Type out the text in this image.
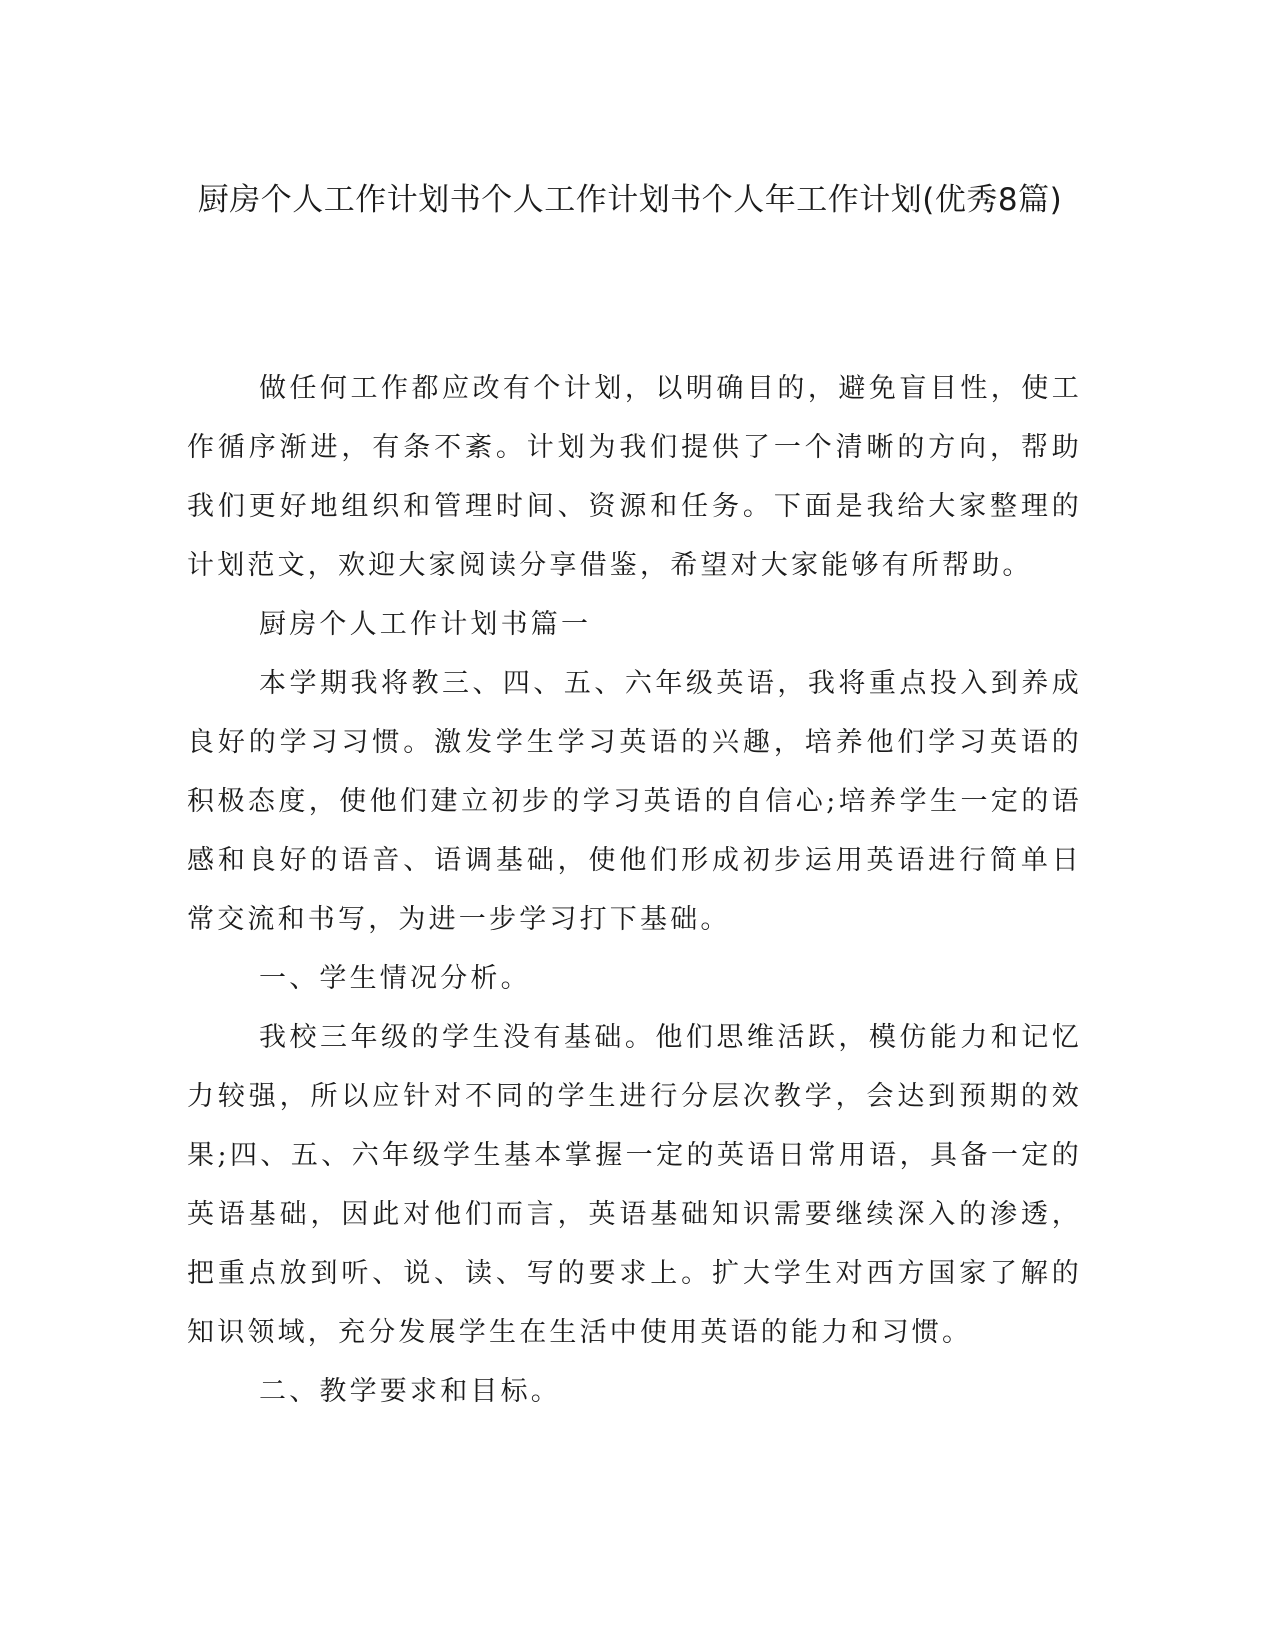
厨房个人工作计划书个人工作计划书个人年工作计划(优秀8篇)

做任何工作都应改有个计划，以明确目的，避免盲目性，使工作循序渐进，有条不紊。计划为我们提供了一个清晰的方向，帮助我们更好地组织和管理时间、资源和任务。下面是我给大家整理的计划范文，欢迎大家阅读分享借鉴，希望对大家能够有所帮助。

厨房个人工作计划书篇一

本学期我将教三、四、五、六年级英语，我将重点投入到养成良好的学习习惯。激发学生学习英语的兴趣，培养他们学习英语的积极态度，使他们建立初步的学习英语的自信心;培养学生一定的语感和良好的语音、语调基础，使他们形成初步运用英语进行简单日常交流和书写，为进一步学习打下基础。

一、学生情况分析。

我校三年级的学生没有基础。他们思维活跃，模仿能力和记忆力较强，所以应针对不同的学生进行分层次教学，会达到预期的效果;四、五、六年级学生基本掌握一定的英语日常用语，具备一定的英语基础，因此对他们而言，英语基础知识需要继续深入的渗透，把重点放到听、说、读、写的要求上。扩大学生对西方国家了解的知识领域，充分发展学生在生活中使用英语的能力和习惯。

二、教学要求和目标。
